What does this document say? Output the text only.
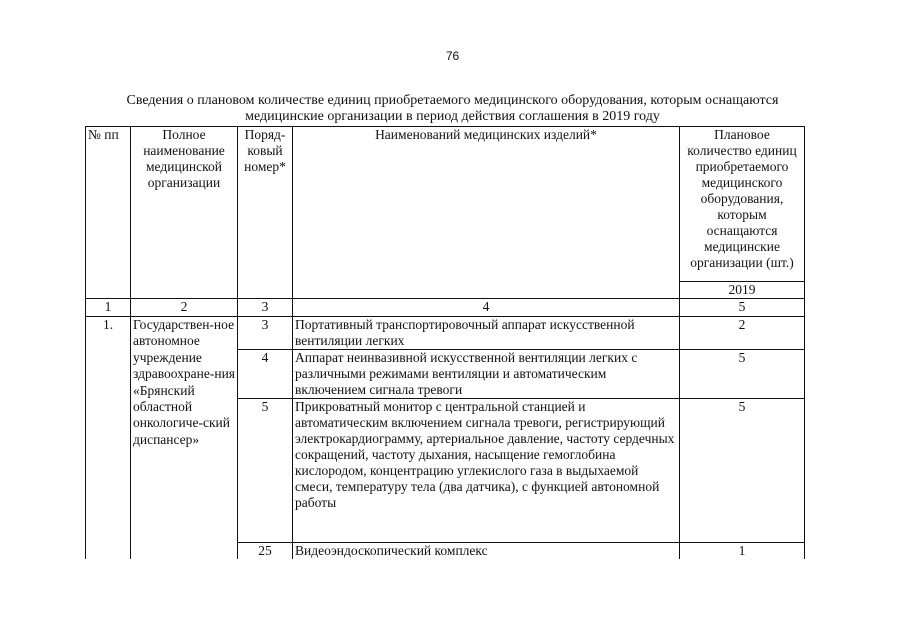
76
Сведения о плановом количестве единиц приобретаемого медицинского оборудования, которым оснащаются
медицинские организации в период действия соглашения в 2019 году
№ пп	Полное наименование медицинской организации	Поряд-ковый номер*	Наименований медицинских изделий*	Плановое количество единиц приобретаемого медицинского оборудования, которым оснащаются медицинские организации (шт.)
				2019
1	2	3	4	5
1.	Государствен-ное автономное учреждение здравоохране-ния «Брянский областной онкологиче-ский диспансер»	3	Портативный транспортировочный аппарат искусственной вентиляции легких	2
		4	Аппарат неинвазивной искусственной вентиляции легких с различными режимами вентиляции и автоматическим включением сигнала тревоги	5
		5	Прикроватный монитор с центральной станцией и автоматическим включением сигнала тревоги, регистрирующий электрокардиограмму, артериальное давление, частоту сердечных сокращений, частоту дыхания, насыщение гемоглобина кислородом, концентрацию углекислого газа в выдыхаемой смеси, температуру тела (два датчика), с функцией автономной работы	5
		25	Видеоэндоскопический комплекс	1
